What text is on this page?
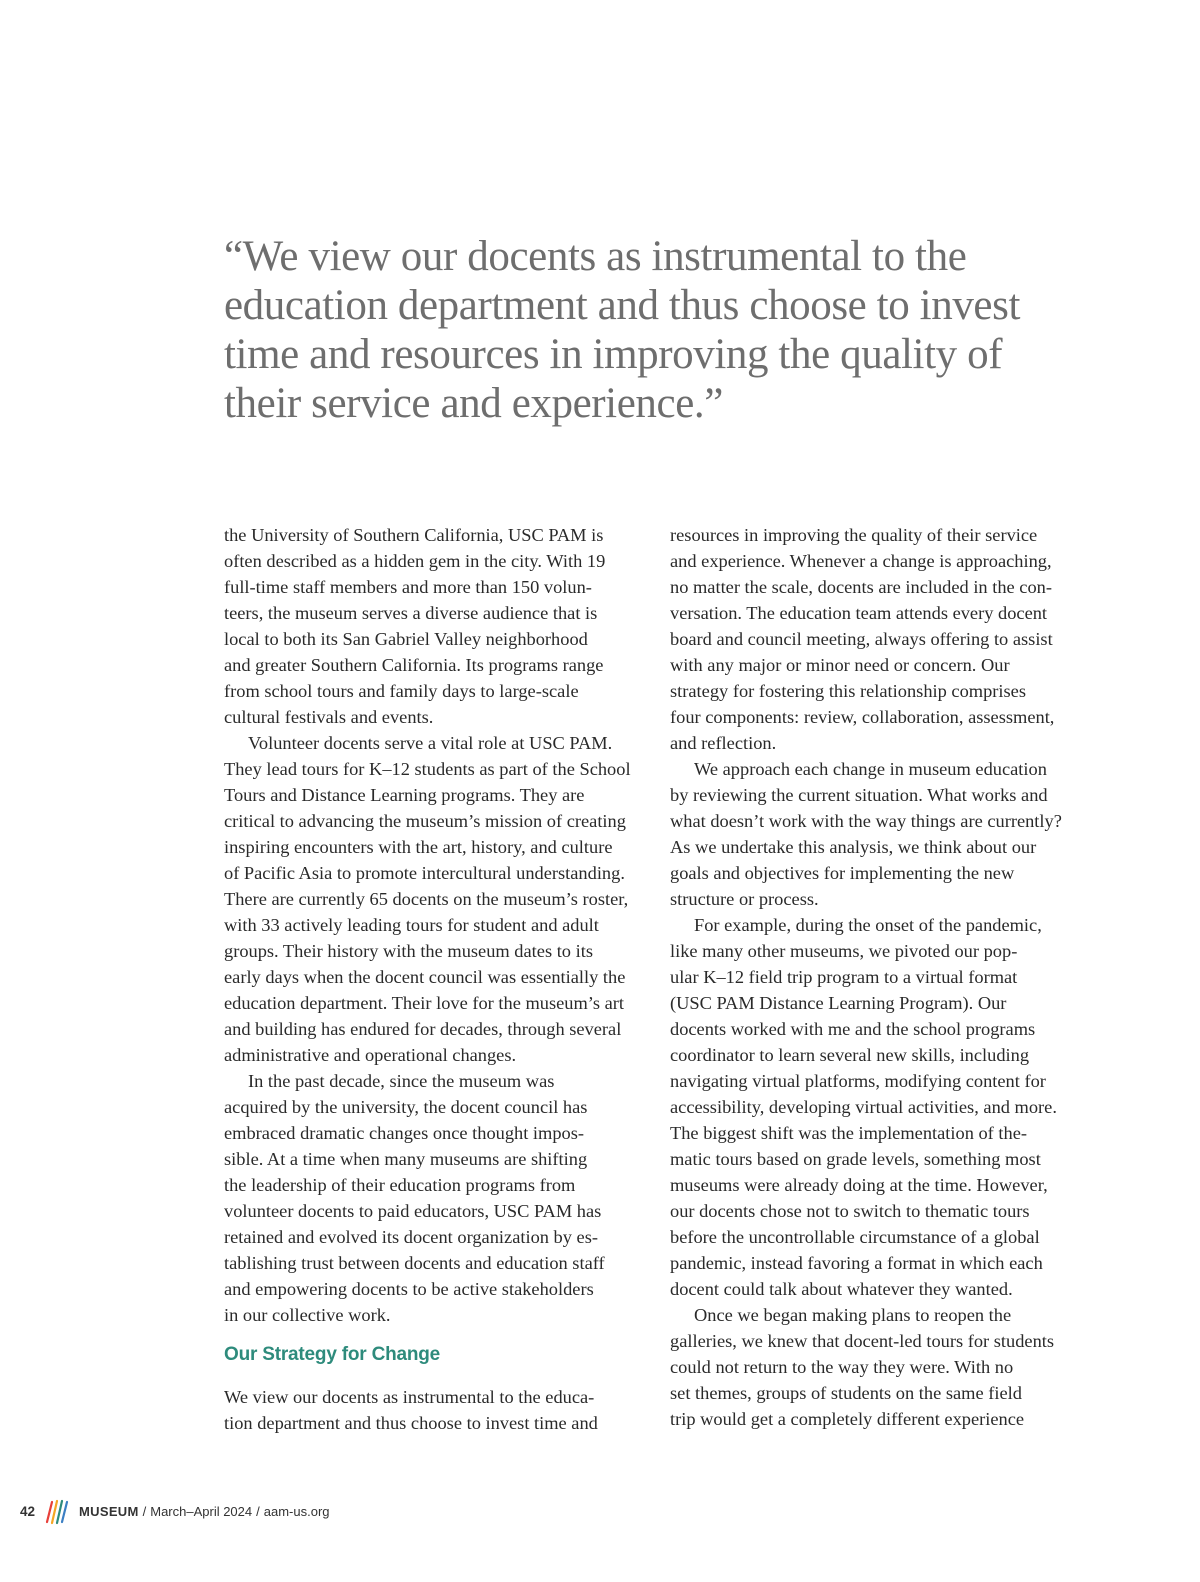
“We view our docents as instrumental to the
education department and thus choose to invest
time and resources in improving the quality of
their service and experience.”

the University of Southern California, USC PAM is
often described as a hidden gem in the city. With 19
full-time staff members and more than 150 volun-
teers, the museum serves a diverse audience that is
local to both its San Gabriel Valley neighborhood
and greater Southern California. Its programs range
from school tours and family days to large-scale
cultural festivals and events.

Volunteer docents serve a vital role at USC PAM.
They lead tours for K–12 students as part of the School
Tours and Distance Learning programs. They are
critical to advancing the museum’s mission of creating
inspiring encounters with the art, history, and culture
of Pacific Asia to promote intercultural understanding.
There are currently 65 docents on the museum’s roster,
with 33 actively leading tours for student and adult
groups. Their history with the museum dates to its
early days when the docent council was essentially the
education department. Their love for the museum’s art
and building has endured for decades, through several
administrative and operational changes.

In the past decade, since the museum was
acquired by the university, the docent council has
embraced dramatic changes once thought impos-
sible. At a time when many museums are shifting
the leadership of their education programs from
volunteer docents to paid educators, USC PAM has
retained and evolved its docent organization by es-
tablishing trust between docents and education staff
and empowering docents to be active stakeholders
in our collective work.

Our Strategy for Change

We view our docents as instrumental to the educa-
tion department and thus choose to invest time and

resources in improving the quality of their service
and experience. Whenever a change is approaching,
no matter the scale, docents are included in the con-
versation. The education team attends every docent
board and council meeting, always offering to assist
with any major or minor need or concern. Our
strategy for fostering this relationship comprises
four components: review, collaboration, assessment,
and reflection.

We approach each change in museum education
by reviewing the current situation. What works and
what doesn’t work with the way things are currently?
As we undertake this analysis, we think about our
goals and objectives for implementing the new
structure or process.

For example, during the onset of the pandemic,
like many other museums, we pivoted our pop-
ular K–12 field trip program to a virtual format
(USC PAM Distance Learning Program). Our
docents worked with me and the school programs
coordinator to learn several new skills, including
navigating virtual platforms, modifying content for
accessibility, developing virtual activities, and more.
The biggest shift was the implementation of the-
matic tours based on grade levels, something most
museums were already doing at the time. However,
our docents chose not to switch to thematic tours
before the uncontrollable circumstance of a global
pandemic, instead favoring a format in which each
docent could talk about whatever they wanted.

Once we began making plans to reopen the
galleries, we knew that docent-led tours for students
could not return to the way they were. With no
set themes, groups of students on the same field
trip would get a completely different experience

42	MUSEUM / March–April 2024 / aam-us.org
